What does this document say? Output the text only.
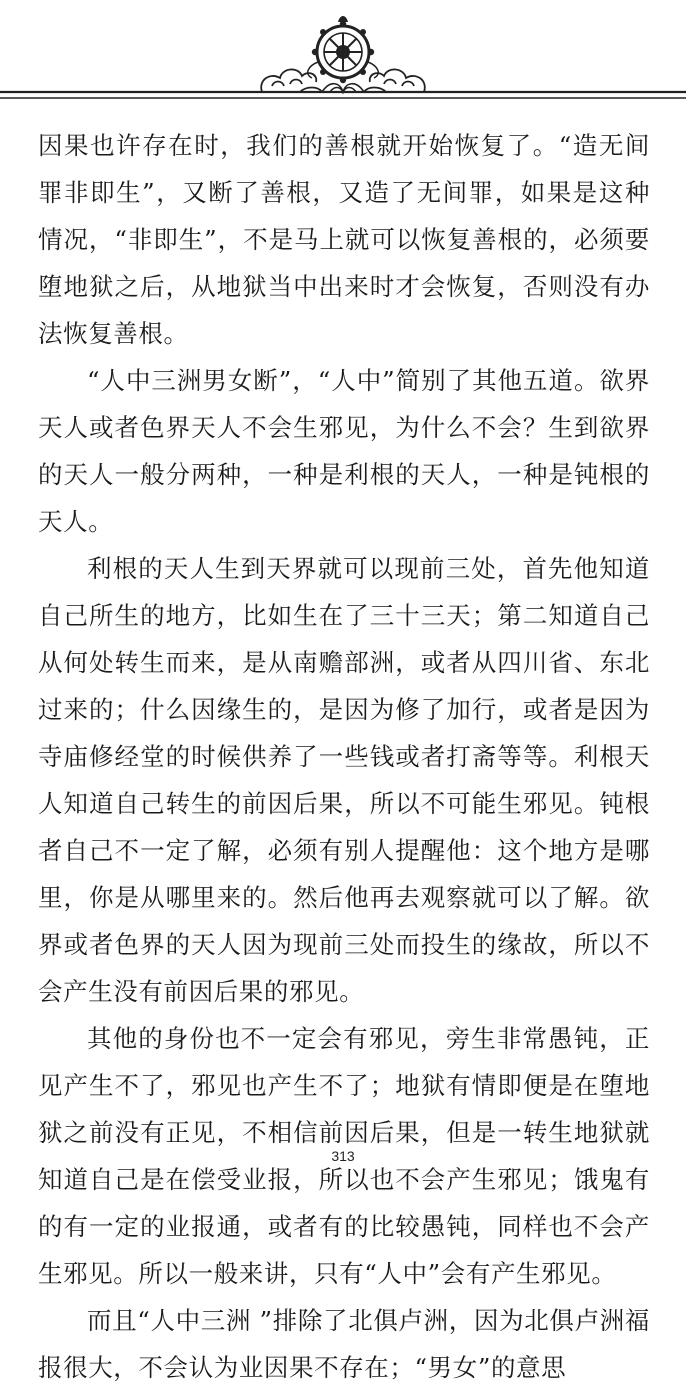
因果也许存在时，我们的善根就开始恢复了。“造无间罪非即生”，又断了善根，又造了无间罪，如果是这种情况，“非即生”，不是马上就可以恢复善根的，必须要堕地狱之后，从地狱当中出来时才会恢复，否则没有办法恢复善根。

“人中三洲男女断”，“人中”简别了其他五道。欲界天人或者色界天人不会生邪见，为什么不会？生到欲界的天人一般分两种，一种是利根的天人，一种是钝根的天人。

利根的天人生到天界就可以现前三处，首先他知道自己所生的地方，比如生在了三十三天；第二知道自己从何处转生而来，是从南赡部洲，或者从四川省、东北过来的；什么因缘生的，是因为修了加行，或者是因为寺庙修经堂的时候供养了一些钱或者打斋等等。利根天人知道自己转生的前因后果，所以不可能生邪见。钝根者自己不一定了解，必须有别人提醒他：这个地方是哪里，你是从哪里来的。然后他再去观察就可以了解。欲界或者色界的天人因为现前三处而投生的缘故，所以不会产生没有前因后果的邪见。

其他的身份也不一定会有邪见，旁生非常愚钝，正见产生不了，邪见也产生不了；地狱有情即便是在堕地狱之前没有正见，不相信前因后果，但是一转生地狱就知道自己是在偿受业报，所以也不会产生邪见；饿鬼有的有一定的业报通，或者有的比较愚钝，同样也不会产生邪见。所以一般来讲，只有“人中”会有产生邪见。

而且“人中三洲 ”排除了北俱卢洲，因为北俱卢洲福报很大，不会认为业因果不存在；“男女”的意思

313
